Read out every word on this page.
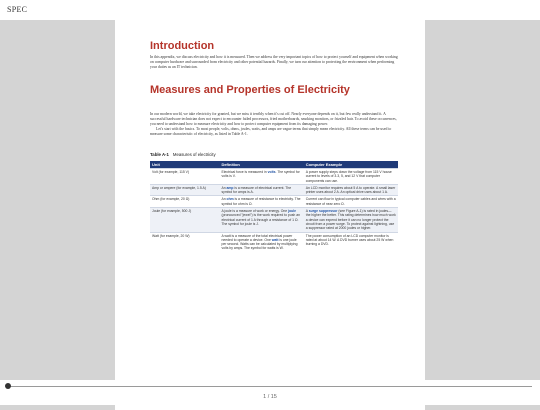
SPEC
Introduction

In this appendix, we discuss electricity and how it is measured. Then we address the very important topics of how to protect yourself and equipment when working on computer hardware and surrounded from electricity and other potential hazards. Finally, we turn our attention to protecting the environment when performing your duties as an IT technician.

Measures and Properties of Electricity

In our modern world, we take electricity for granted, but we miss it terribly when it's cut off. Nearly everyone depends on it, but few really understand it. A successful hardware technician does not expect to encounter failed processors, fried motherboards, smoking monitors, or frizzled hair. To avoid these occurrences, you need to understand how to measure electricity and how to protect computer equipment from its damaging power.

Let's start with the basics. To most people, volts, ohms, joules, watts, and amps are vague terms that simply mean electricity. All these terms can be used to measure some characteristic of electricity, as listed in Table A-1.

Table A-1 Measures of electricity
Unit	Definition	Computer Example
Volt (for example, 115 V)	Electrical force is measured in volts. The symbol for volts is V.	A power supply steps down the voltage from 115 V house current to levels of 3.3, 5, and 12 V that computer components can use.
Amp or ampere (for example, 1.5 A)	An amp is a measure of electrical current. The symbol for amps is A.	An LCD monitor requires about 5 A to operate. A small laser printer uses about 2 A. An optical drive uses about 1 A.
Ohm (for example, 20 Ω)	An ohm is a measure of resistance to electricity. The symbol for ohm is Ω.	Current can flow in typical computer cables and wires with a resistance of near zero Ω.
Joule (for example, 500 J)	A joule is a measure of work or energy. One joule (pronounced "jewel") is the work required to push an electrical current of 1 A through a resistance of 1 Ω. The symbol for joule is J.	A surge suppressor (see Figure A-1) is rated in joules—the higher the better. This rating determines how much work a device can expend before it can no longer protect the circuit from a power surge. To protect against lightning, use a suppressor rated at 2000 joules or higher.
Watt (for example, 20 W)	A watt is a measure of the total electrical power needed to operate a device. One watt is one joule per second. Watts can be calculated by multiplying volts by amps. The symbol for watts is W.	The power consumption of an LCD computer monitor is rated at about 14 W. A DVD burner uses about 25 W when burning a DVD.
1 / 15
